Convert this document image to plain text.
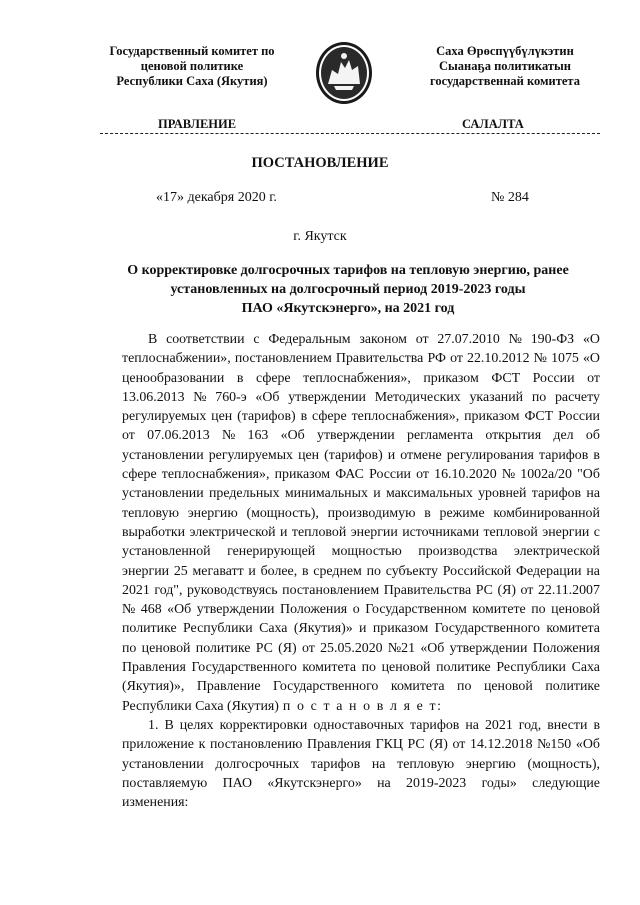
Государственный комитет по
ценовой политике
Республики Саха (Якутия)
Саха Өрөспүүбүлүкэтин
Сыанаҕа политикатын
государственнай комитета
ПРАВЛЕНИЕ	САЛАЛТА
ПОСТАНОВЛЕНИЕ
«17» декабря 2020 г.	№ 284
г. Якутск
О корректировке долгосрочных тарифов на тепловую энергию, ранее
установленных на долгосрочный период 2019-2023 годы
ПАО «Якутскэнерго», на 2021 год
В соответствии с Федеральным законом от 27.07.2010 № 190-ФЗ «О
теплоснабжении», постановлением Правительства РФ от 22.10.2012 № 1075 «О
ценообразовании в сфере теплоснабжения», приказом ФСТ России от
13.06.2013 № 760-э «Об утверждении Методических указаний по расчету
регулируемых цен (тарифов) в сфере теплоснабжения», приказом ФСТ России
от 07.06.2013 № 163 «Об утверждении регламента открытия дел об
установлении регулируемых цен (тарифов) и отмене регулирования тарифов в
сфере теплоснабжения», приказом ФАС России от 16.10.2020 № 1002а/20 "Об
установлении предельных минимальных и максимальных уровней тарифов на
тепловую энергию (мощность), производимую в режиме комбинированной
выработки электрической и тепловой энергии источниками тепловой энергии с
установленной генерирующей мощностью производства электрической
энергии 25 мегаватт и более, в среднем по субъекту Российской Федерации на
2021 год", руководствуясь постановлением Правительства РС (Я) от 22.11.2007
№ 468 «Об утверждении Положения о Государственном комитете по ценовой
политике Республики Саха (Якутия)» и приказом Государственного комитета
по ценовой политике РС (Я) от 25.05.2020 №21 «Об утверждении Положения
Правления Государственного комитета по ценовой политике Республики Саха
(Якутия)», Правление Государственного комитета по ценовой политике
Республики Саха (Якутия) п о с т а н о в л я е т:
1. В целях корректировки одноставочных тарифов на 2021 год, внести в
приложение к постановлению Правления ГКЦ РС (Я) от 14.12.2018 №150 «Об
установлении долгосрочных тарифов на тепловую энергию (мощность),
поставляемую ПАО «Якутскэнерго» на 2019-2023 годы» следующие
изменения:
